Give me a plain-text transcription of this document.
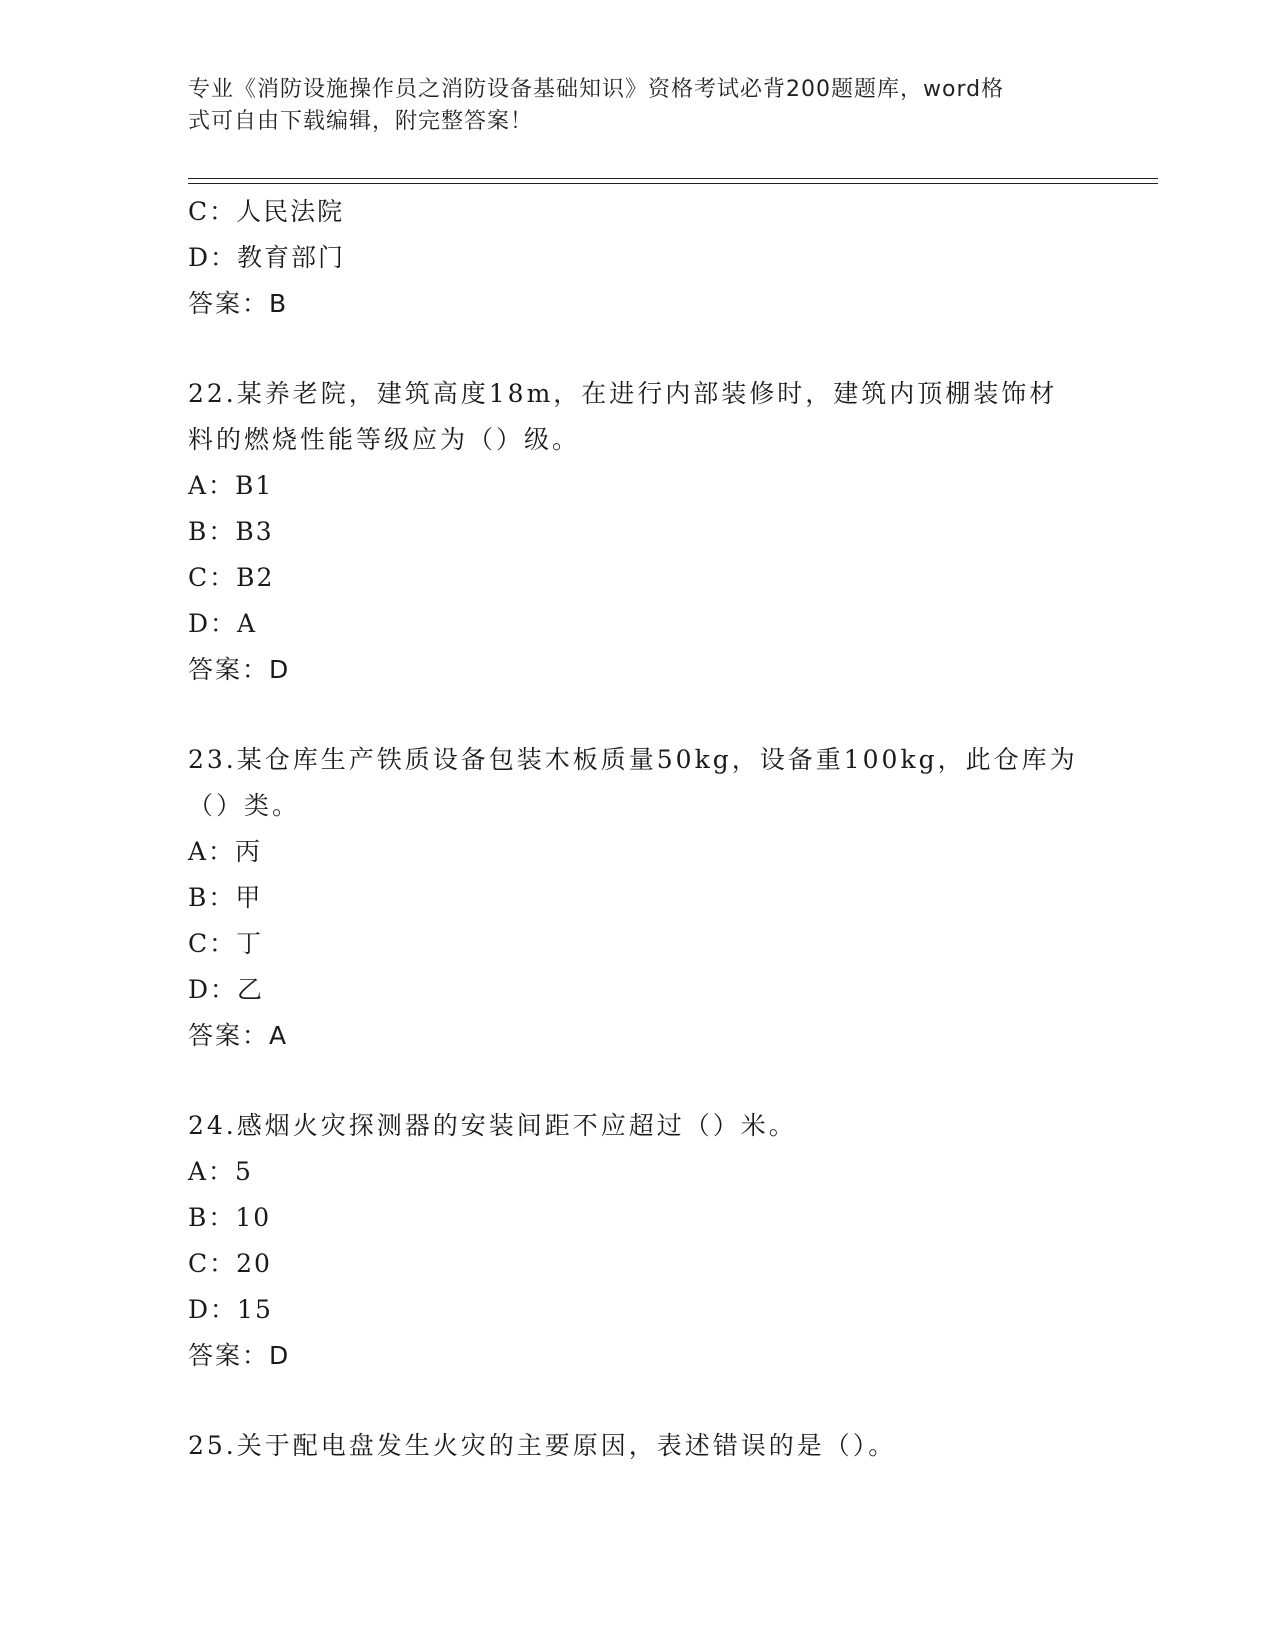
专业《消防设施操作员之消防设备基础知识》资格考试必背200题题库，word格
式可自由下载编辑，附完整答案！
C：人民法院
D：教育部门
答案：B
22.某养老院，建筑高度18m，在进行内部装修时，建筑内顶棚装饰材
料的燃烧性能等级应为（）级。
A：B1
B：B3
C：B2
D：A
答案：D
23.某仓库生产铁质设备包装木板质量50kg，设备重100kg，此仓库为
（）类。
A：丙
B：甲
C：丁
D：乙
答案：A
24.感烟火灾探测器的安装间距不应超过（）米。
A：5
B：10
C：20
D：15
答案：D
25.关于配电盘发生火灾的主要原因，表述错误的是（）。
